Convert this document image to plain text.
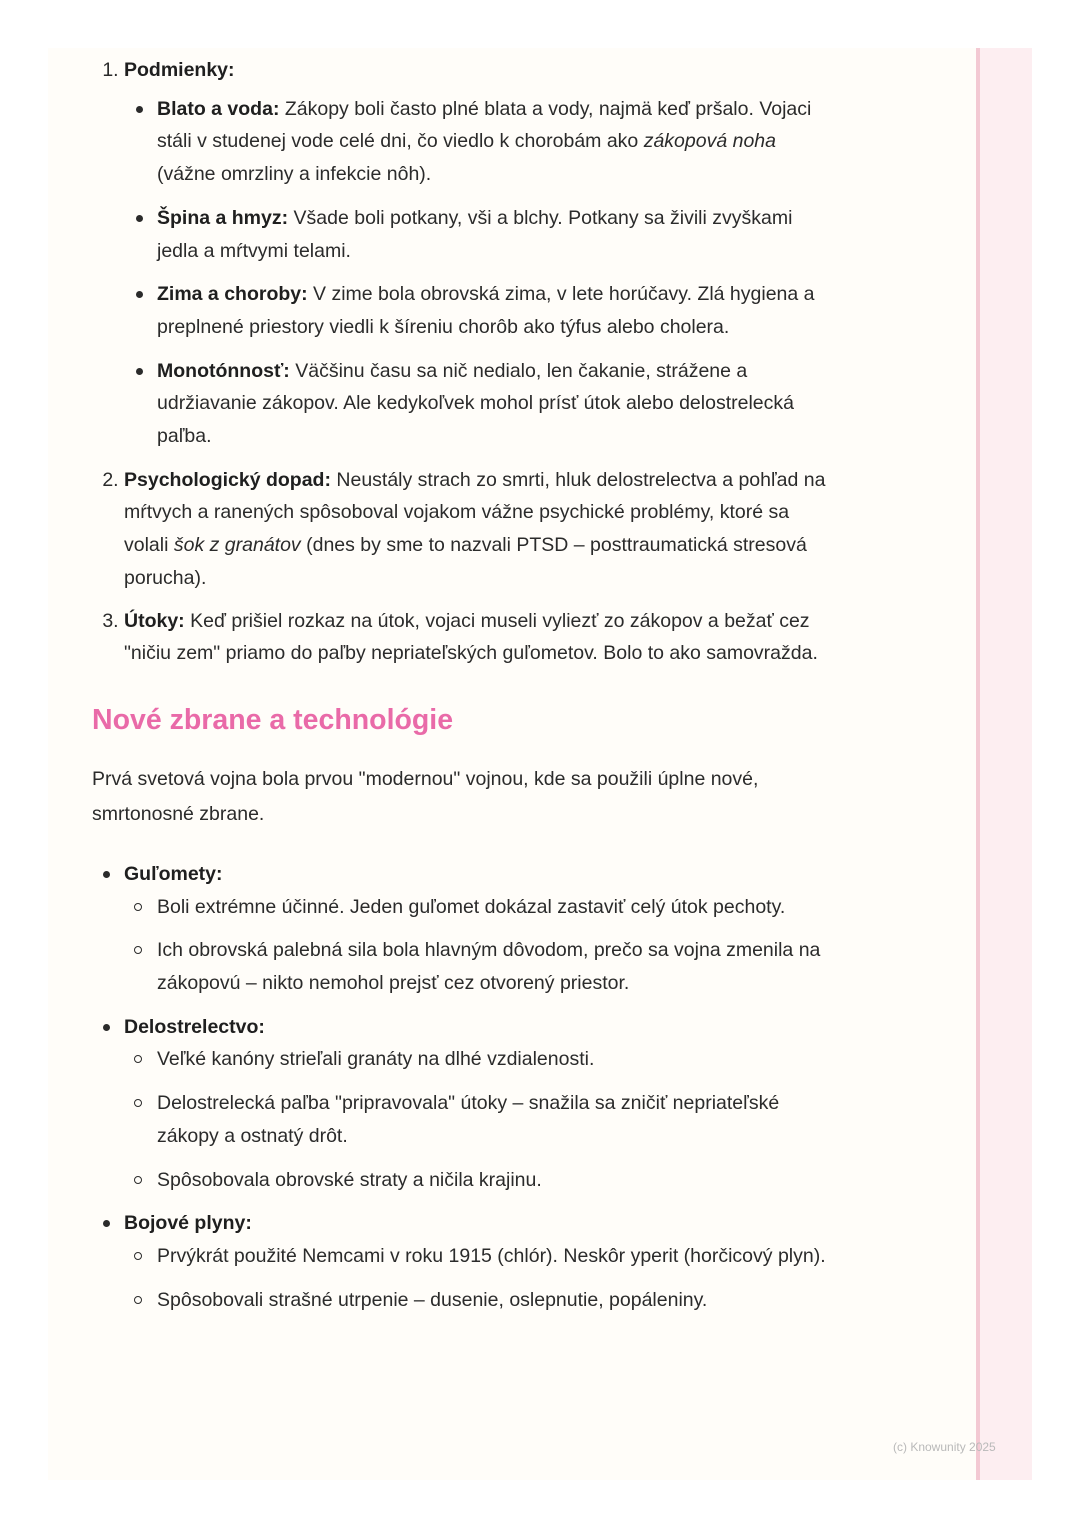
1. Podmienky:
Blato a voda: Zákopy boli často plné blata a vody, najmä keď pršalo. Vojaci stáli v studenej vode celé dni, čo viedlo k chorobám ako zákopová noha (vážne omrzliny a infekcie nôh).
Špina a hmyz: Všade boli potkany, vši a blchy. Potkany sa živili zvyškami jedla a mŕtvymi telami.
Zima a choroby: V zime bola obrovská zima, v lete horúčavy. Zlá hygiena a preplnené priestory viedli k šíreniu chorôb ako týfus alebo cholera.
Monotónnosť: Väčšinu času sa nič nedialo, len čakanie, strážene a udržiavanie zákopov. Ale kedykoľvek mohol prísť útok alebo delostrelecká paľba.
2. Psychologický dopad: Neustály strach zo smrti, hluk delostrelectva a pohľad na mŕtvych a ranených spôsoboval vojakom vážne psychické problémy, ktoré sa volali šok z granátov (dnes by sme to nazvali PTSD – posttraumatická stresová porucha).
3. Útoky: Keď prišiel rozkaz na útok, vojaci museli vyliezť zo zákopov a bežať cez "ničiu zem" priamo do paľby nepriateľských guľometov. Bolo to ako samovražda.
Nové zbrane a technológie

Prvá svetová vojna bola prvou "modernou" vojnou, kde sa použili úplne nové, smrtonosné zbrane.

Guľomety:
Boli extrémne účinné. Jeden guľomet dokázal zastaviť celý útok pechoty.
Ich obrovská palebná sila bola hlavným dôvodom, prečo sa vojna zmenila na zákopovú – nikto nemohol prejsť cez otvorený priestor.
Delostrelectvo:
Veľké kanóny strieľali granáty na dlhé vzdialenosti.
Delostrelecká paľba "pripravovala" útoky – snažila sa zničiť nepriateľské zákopy a ostnatý drôt.
Spôsobovala obrovské straty a ničila krajinu.
Bojové plyny:
Prvýkrát použité Nemcami v roku 1915 (chlór). Neskôr yperit (horčicový plyn).
Spôsobovali strašné utrpenie – dusenie, oslepnutie, popáleniny.
(c) Knowunity 2025
